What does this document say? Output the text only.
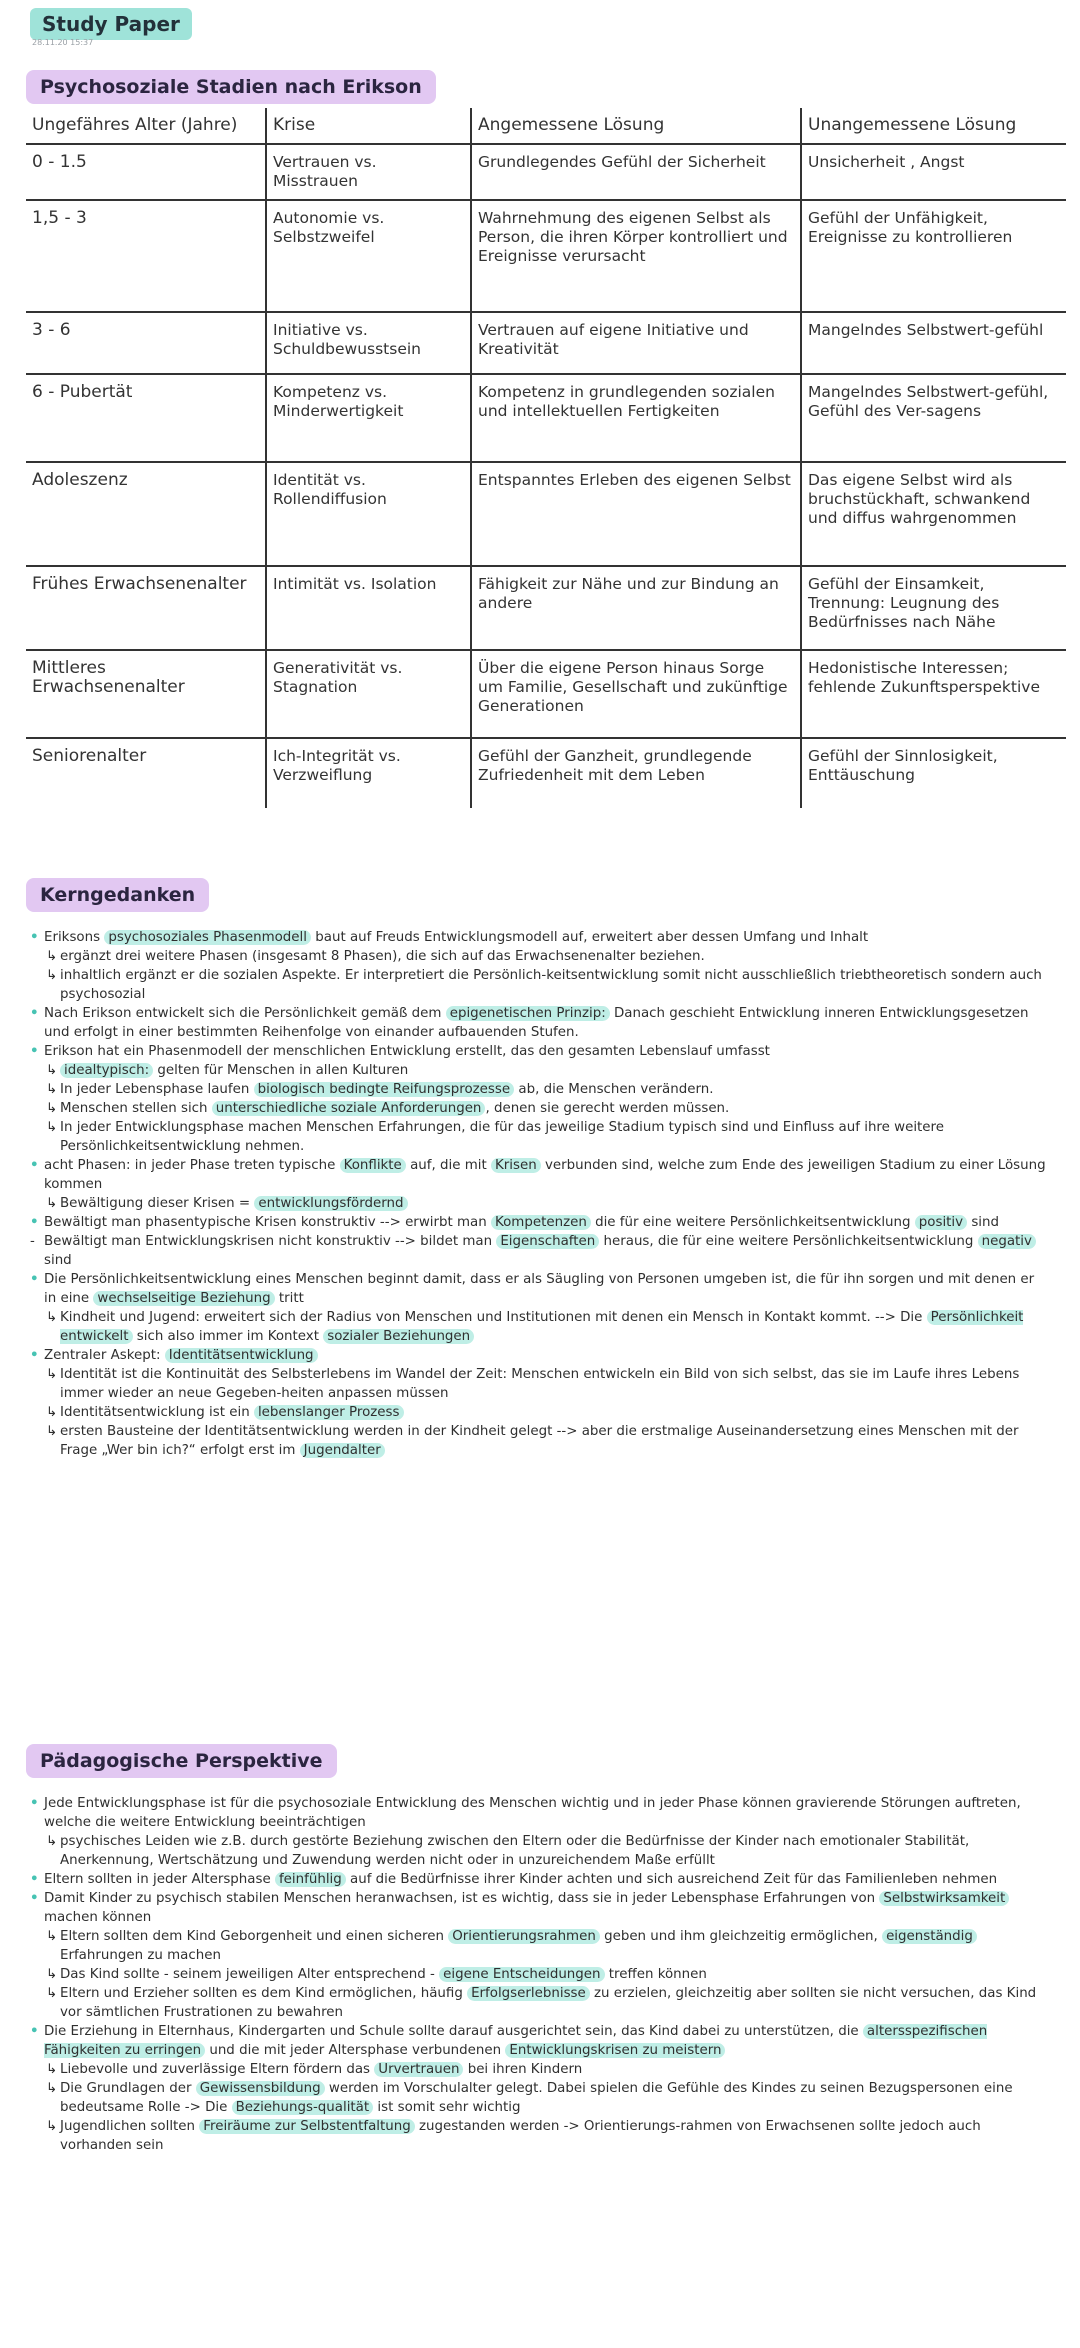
Study Paper
28.11.20 15:37
Psychosoziale Stadien nach Erikson
Ungefähres Alter (Jahre)	Krise	Angemessene Lösung	Unangemessene Lösung
0 - 1.5	Vertrauen vs. Misstrauen	Grundlegendes Gefühl der Sicherheit	Unsicherheit , Angst
1,5 - 3	Autonomie vs. Selbstzweifel	Wahrnehmung des eigenen Selbst als Person, die ihren Körper kontrolliert und Ereignisse verursacht	Gefühl der Unfähigkeit, Ereignisse zu kontrollieren
3 - 6	Initiative vs. Schuldbewusstsein	Vertrauen auf eigene Initiative und Kreativität	Mangelndes Selbstwert-gefühl
6 - Pubertät	Kompetenz vs. Minderwertigkeit	Kompetenz in grundlegenden sozialen und intellektuellen Fertigkeiten	Mangelndes Selbstwert-gefühl, Gefühl des Ver-sagens
Adoleszenz	Identität vs. Rollendiffusion	Entspanntes Erleben des eigenen Selbst	Das eigene Selbst wird als bruchstückhaft, schwankend und diffus wahrgenommen
Frühes Erwachsenenalter	Intimität vs. Isolation	Fähigkeit zur Nähe und zur Bindung an andere	Gefühl der Einsamkeit, Trennung: Leugnung des Bedürfnisses nach Nähe
Mittleres Erwachsenenalter	Generativität vs. Stagnation	Über die eigene Person hinaus Sorge um Familie, Gesellschaft und zukünftige Generationen	Hedonistische Interessen; fehlende Zukunftsperspektive
Seniorenalter	Ich-Integrität vs. Verzweiflung	Gefühl der Ganzheit, grundlegende Zufriedenheit mit dem Leben	Gefühl der Sinnlosigkeit, Enttäuschung
Kerngedanken

• Eriksons psychosoziales Phasenmodell baut auf Freuds Entwicklungsmodell auf, erweitert aber dessen Umfang und Inhalt

↳ ergänzt drei weitere Phasen (insgesamt 8 Phasen), die sich auf das Erwachsenenalter beziehen.

↳ inhaltlich ergänzt er die sozialen Aspekte. Er interpretiert die Persönlich-keitsentwicklung somit nicht ausschließlich triebtheoretisch sondern auch psychosozial

• Nach Erikson entwickelt sich die Persönlichkeit gemäß dem epigenetischen Prinzip: Danach geschieht Entwicklung inneren Entwicklungsgesetzen und erfolgt in einer bestimmten Reihenfolge von einander aufbauenden Stufen.

• Erikson hat ein Phasenmodell der menschlichen Entwicklung erstellt, das den gesamten Lebenslauf umfasst

↳ idealtypisch: gelten für Menschen in allen Kulturen

↳ In jeder Lebensphase laufen biologisch bedingte Reifungsprozesse ab, die Menschen verändern.

↳ Menschen stellen sich unterschiedliche soziale Anforderungen , denen sie gerecht werden müssen.

↳ In jeder Entwicklungsphase machen Menschen Erfahrungen, die für das jeweilige Stadium typisch sind und Einfluss auf ihre weitere Persönlichkeitsentwicklung nehmen.

• acht Phasen: in jeder Phase treten typische Konflikte auf, die mit Krisen verbunden sind, welche zum Ende des jeweiligen Stadium zu einer Lösung kommen

↳ Bewältigung dieser Krisen = entwicklungsfördernd

• Bewältigt man phasentypische Krisen konstruktiv --> erwirbt man Kompetenzen die für eine weitere Persönlichkeitsentwicklung positiv sind

- Bewältigt man Entwicklungskrisen nicht konstruktiv --> bildet man Eigenschaften heraus, die für eine weitere Persönlichkeitsentwicklung negativ sind

• Die Persönlichkeitsentwicklung eines Menschen beginnt damit, dass er als Säugling von Personen umgeben ist, die für ihn sorgen und mit denen er in eine wechselseitige Beziehung tritt

↳ Kindheit und Jugend: erweitert sich der Radius von Menschen und Institutionen mit denen ein Mensch in Kontakt kommt. --> Die Persönlichkeit entwickelt sich also immer im Kontext sozialer Beziehungen

• Zentraler Askept: Identitätsentwicklung

↳ Identität ist die Kontinuität des Selbsterlebens im Wandel der Zeit: Menschen entwickeln ein Bild von sich selbst, das sie im Laufe ihres Lebens immer wieder an neue Gegeben-heiten anpassen müssen

↳ Identitätsentwicklung ist ein lebenslanger Prozess

↳ ersten Bausteine der Identitätsentwicklung werden in der Kindheit gelegt --> aber die erstmalige Auseinandersetzung eines Menschen mit der Frage „Wer bin ich?“ erfolgt erst im Jugendalter

Pädagogische Perspektive

• Jede Entwicklungsphase ist für die psychosoziale Entwicklung des Menschen wichtig und in jeder Phase können gravierende Störungen auftreten, welche die weitere Entwicklung beeinträchtigen

↳ psychisches Leiden wie z.B. durch gestörte Beziehung zwischen den Eltern oder die Bedürfnisse der Kinder nach emotionaler Stabilität, Anerkennung, Wertschätzung und Zuwendung werden nicht oder in unzureichendem Maße erfüllt

• Eltern sollten in jeder Altersphase feinfühlig auf die Bedürfnisse ihrer Kinder achten und sich ausreichend Zeit für das Familienleben nehmen

• Damit Kinder zu psychisch stabilen Menschen heranwachsen, ist es wichtig, dass sie in jeder Lebensphase Erfahrungen von Selbstwirksamkeit machen können

↳ Eltern sollten dem Kind Geborgenheit und einen sicheren Orientierungsrahmen geben und ihm gleichzeitig ermöglichen, eigenständig Erfahrungen zu machen

↳ Das Kind sollte - seinem jeweiligen Alter entsprechend - eigene Entscheidungen treffen können

↳ Eltern und Erzieher sollten es dem Kind ermöglichen, häufig Erfolgserlebnisse zu erzielen, gleichzeitig aber sollten sie nicht versuchen, das Kind vor sämtlichen Frustrationen zu bewahren

• Die Erziehung in Elternhaus, Kindergarten und Schule sollte darauf ausgerichtet sein, das Kind dabei zu unterstützen, die altersspezifischen Fähigkeiten zu erringen und die mit jeder Altersphase verbundenen Entwicklungskrisen zu meistern

↳ Liebevolle und zuverlässige Eltern fördern das Urvertrauen bei ihren Kindern

↳ Die Grundlagen der Gewissensbildung werden im Vorschulalter gelegt. Dabei spielen die Gefühle des Kindes zu seinen Bezugspersonen eine bedeutsame Rolle -> Die Beziehungs-qualität ist somit sehr wichtig

↳ Jugendlichen sollten Freiräume zur Selbstentfaltung zugestanden werden -> Orientierungs-rahmen von Erwachsenen sollte jedoch auch vorhanden sein
